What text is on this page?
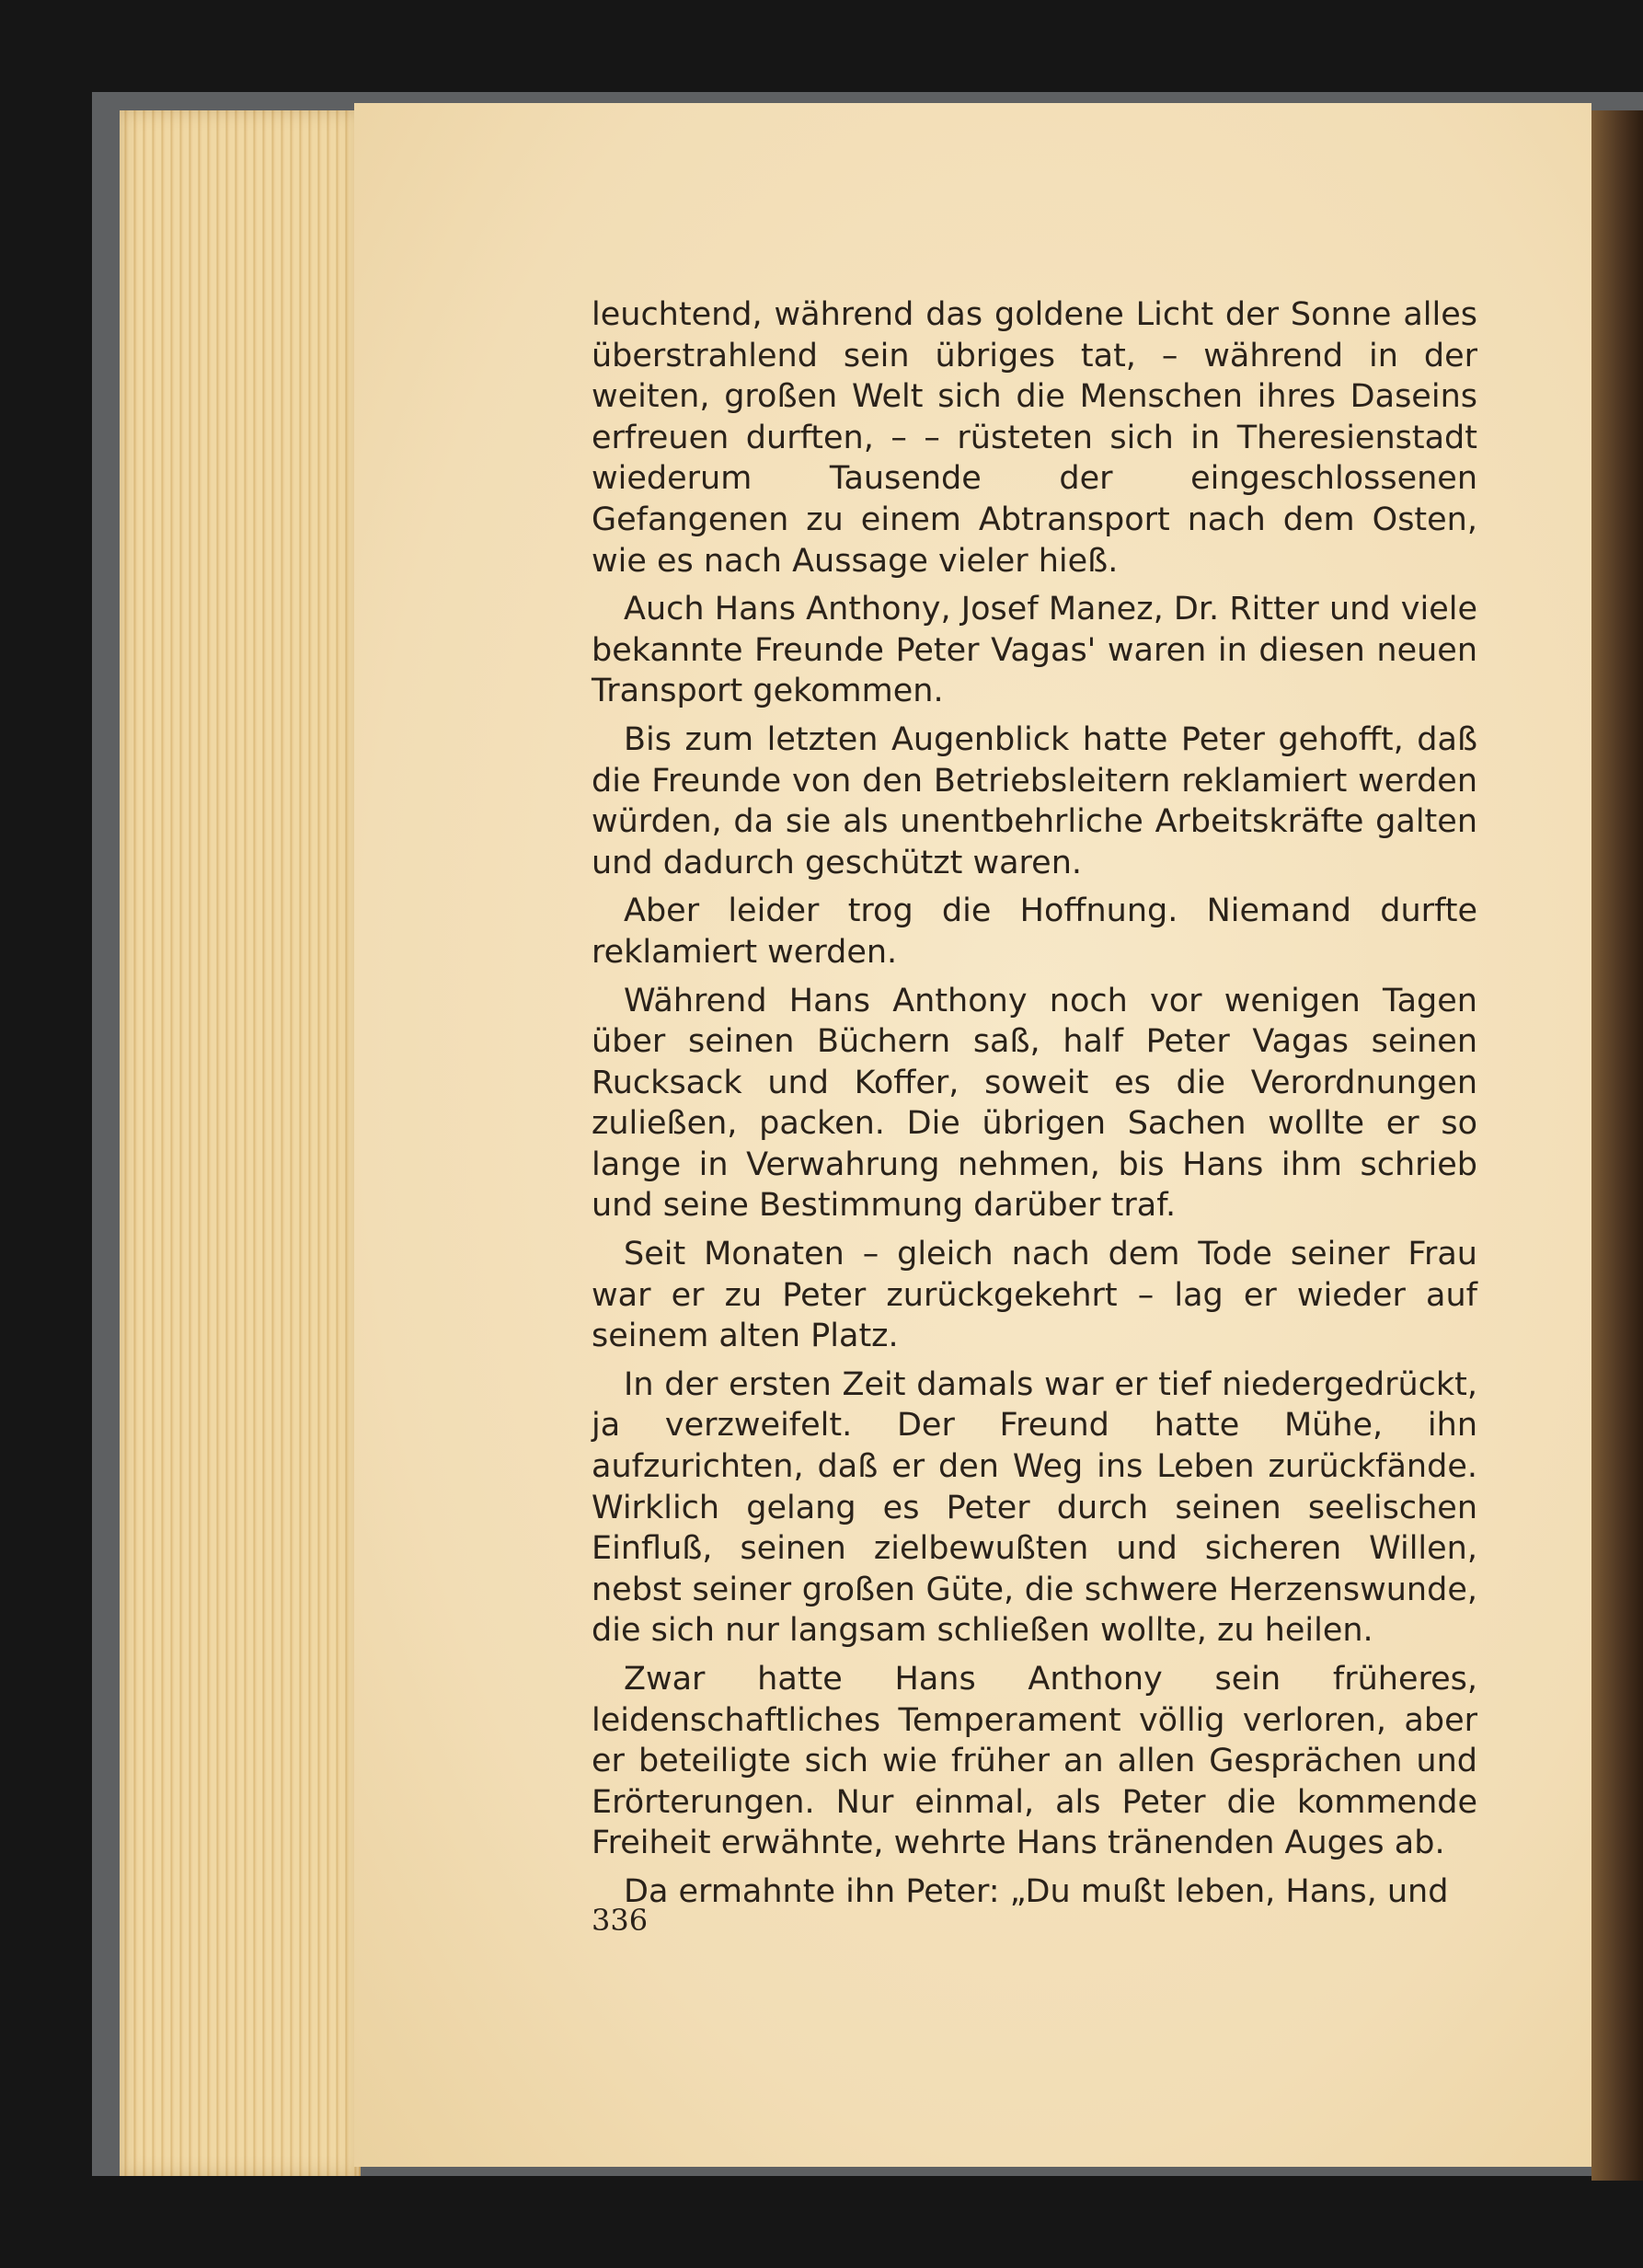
leuchtend, während das goldene Licht der Sonne alles überstrahlend sein übriges tat, – während in der weiten, großen Welt sich die Menschen ihres Daseins erfreuen durften, – – rüsteten sich in Theresienstadt wiederum Tausende der eingeschlossenen Gefangenen zu einem Abtransport nach dem Osten, wie es nach Aussage vieler hieß.

Auch Hans Anthony, Josef Manez, Dr. Ritter und viele bekannte Freunde Peter Vagas' waren in diesen neuen Transport gekommen.

Bis zum letzten Augenblick hatte Peter gehofft, daß die Freunde von den Betriebsleitern reklamiert werden würden, da sie als unentbehrliche Arbeitskräfte galten und dadurch geschützt waren.

Aber leider trog die Hoffnung. Niemand durfte reklamiert werden.

Während Hans Anthony noch vor wenigen Tagen über seinen Büchern saß, half Peter Vagas seinen Rucksack und Koffer, soweit es die Verordnungen zuließen, packen. Die übrigen Sachen wollte er so lange in Verwahrung nehmen, bis Hans ihm schrieb und seine Bestimmung darüber traf.

Seit Monaten – gleich nach dem Tode seiner Frau war er zu Peter zurückgekehrt – lag er wieder auf seinem alten Platz.

In der ersten Zeit damals war er tief niedergedrückt, ja verzweifelt. Der Freund hatte Mühe, ihn aufzurichten, daß er den Weg ins Leben zurückfände. Wirklich gelang es Peter durch seinen seelischen Einfluß, seinen zielbewußten und sicheren Willen, nebst seiner großen Güte, die schwere Herzenswunde, die sich nur langsam schließen wollte, zu heilen.

Zwar hatte Hans Anthony sein früheres, leidenschaftliches Temperament völlig verloren, aber er beteiligte sich wie früher an allen Gesprächen und Erörterungen. Nur einmal, als Peter die kommende Freiheit erwähnte, wehrte Hans tränenden Auges ab.

Da ermahnte ihn Peter: „Du mußt leben, Hans, und

336
